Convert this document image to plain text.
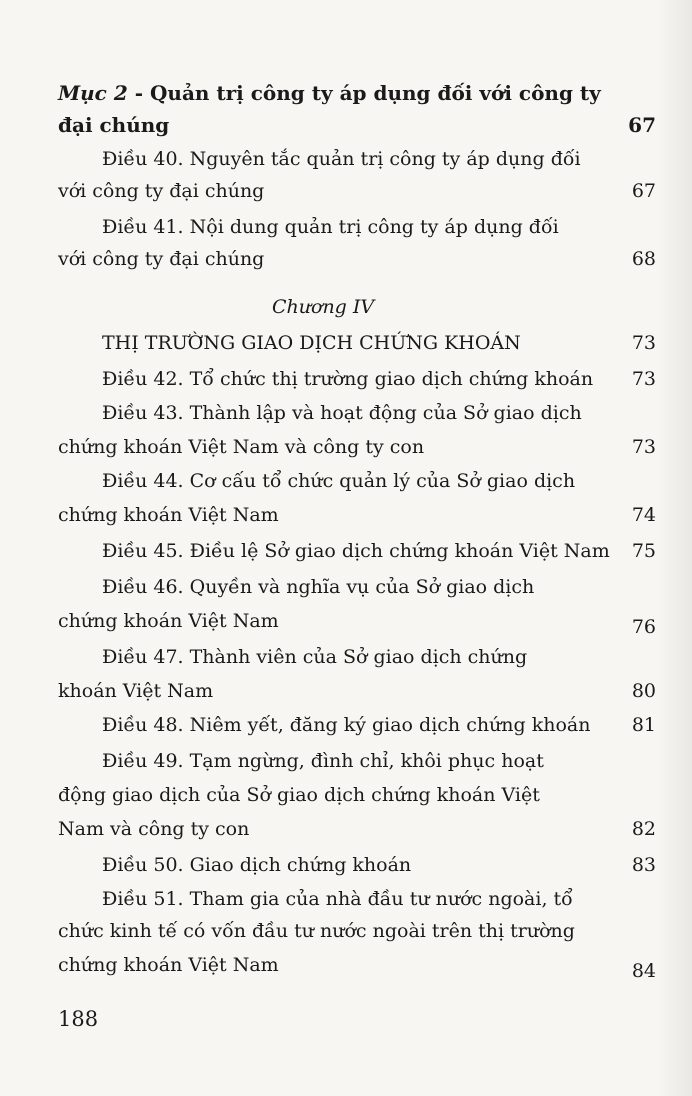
Mục 2 - Quản trị công ty áp dụng đối với công ty
đại chúng	67
Điều 40. Nguyên tắc quản trị công ty áp dụng đối
với công ty đại chúng	67
Điều 41. Nội dung quản trị công ty áp dụng đối
với công ty đại chúng	68
Chương IV
THỊ TRƯỜNG GIAO DỊCH CHỨNG KHOÁN	73
Điều 42. Tổ chức thị trường giao dịch chứng khoán 73
Điều 43. Thành lập và hoạt động của Sở giao dịch
chứng khoán Việt Nam và công ty con	73
Điều 44. Cơ cấu tổ chức quản lý của Sở giao dịch
chứng khoán Việt Nam	74
Điều 45. Điều lệ Sở giao dịch chứng khoán Việt Nam 75
Điều 46. Quyền và nghĩa vụ của Sở giao dịch
chứng khoán Việt Nam	76
Điều 47. Thành viên của Sở giao dịch chứng
khoán Việt Nam	80
Điều 48. Niêm yết, đăng ký giao dịch chứng khoán 81
Điều 49. Tạm ngừng, đình chỉ, khôi phục hoạt
động giao dịch của Sở giao dịch chứng khoán Việt
Nam và công ty con	82
Điều 50. Giao dịch chứng khoán	83
Điều 51. Tham gia của nhà đầu tư nước ngoài, tổ
chức kinh tế có vốn đầu tư nước ngoài trên thị trường
chứng khoán Việt Nam	84
188
